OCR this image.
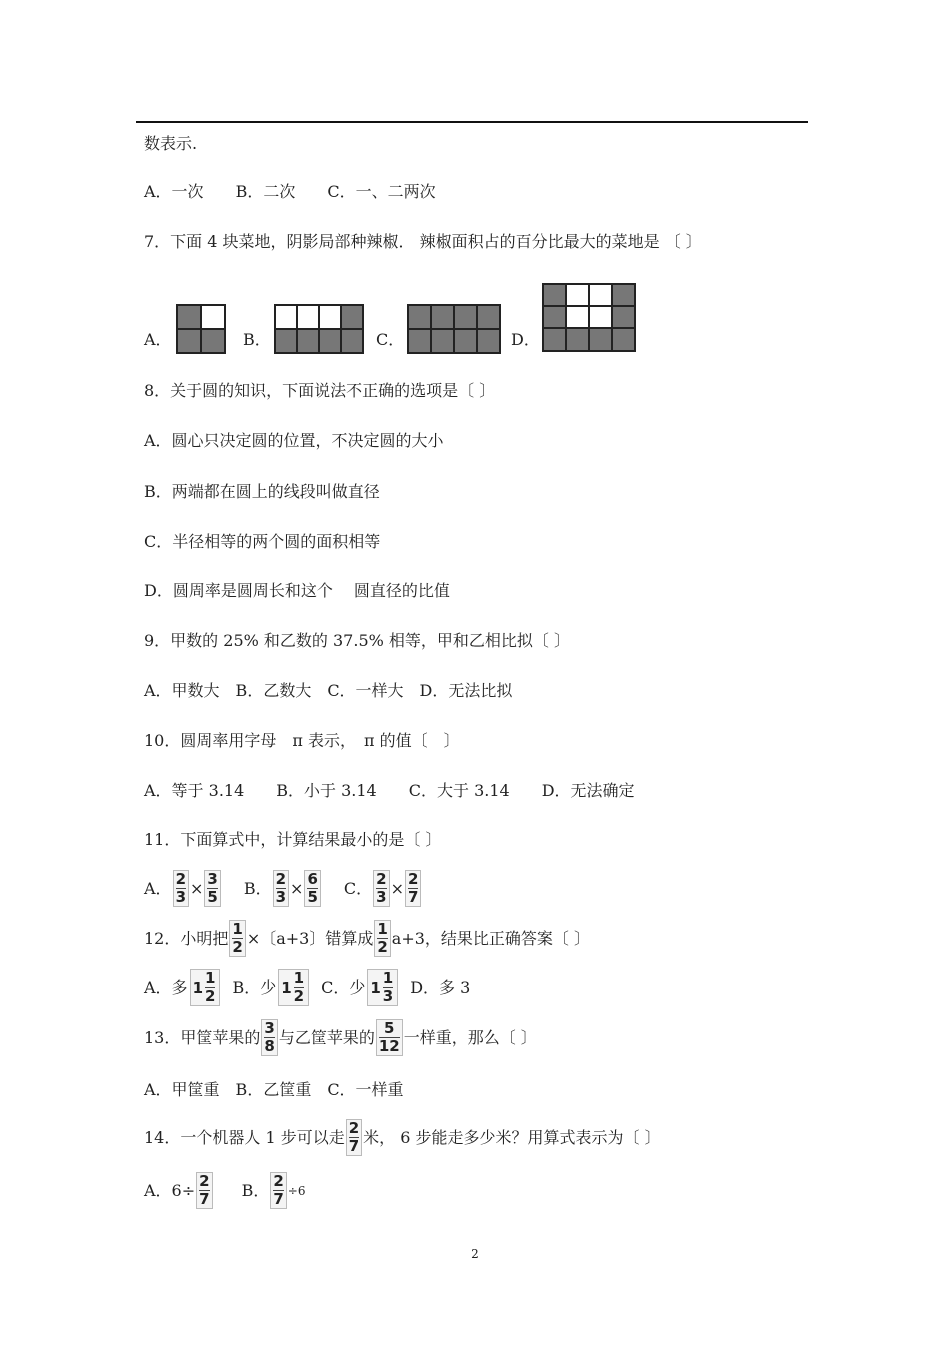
数表示.
A．一次 B．二次 C．一、二两次
7．下面 4 块菜地，阴影局部种辣椒． 辣椒面积占的百分比最大的菜地是 〔 〕
A．	B．	C．	D．
8．关于圆的知识，下面说法不正确的选项是〔 〕
A．圆心只决定圆的位置，不决定圆的大小
B．两端都在圆上的线段叫做直径
C．半径相等的两个圆的面积相等
D．圆周率是圆周长和这个　 圆直径的比值
9．甲数的 25% 和乙数的 37.5% 相等，甲和乙相比拟〔 〕
A．甲数大　B．乙数大　C．一样大　D．无法比拟
10．圆周率用字母　π 表示，　π 的值〔　〕
A．等于 3.14　　B．小于 3.14　　C．大于 3.14　　D．无法确定
11．下面算式中，计算结果最小的是〔 〕
A． $\frac{2}{3} \times \frac{3}{5}$ B． $\frac{2}{3} \times \frac{6}{5}$ C． $\frac{2}{3} \times \frac{2}{7}$
12．小明把 $\frac{1}{2}$ ×〔a+3〕错算成 $\frac{1}{2} a+3$，结果比正确答案〔 〕
A．多 $1 \frac{1}{2}$ B．少 $1 \frac{1}{2}$ C．少 $1 \frac{1}{3}$ D．多 3
13．甲筐苹果的 $\frac{3}{8}$ 与乙筐苹果的 $\frac{5}{12}$ 一样重，那么〔 〕
A．甲筐重　B．乙筐重　C．一样重
14．一个机器人 1 步可以走 $\frac{2}{7}$ 米， 6 步能走多少米？用算式表示为〔 〕
A．$6\div \frac{2}{7}$ B． $\frac{2}{7} \div 6$
2
